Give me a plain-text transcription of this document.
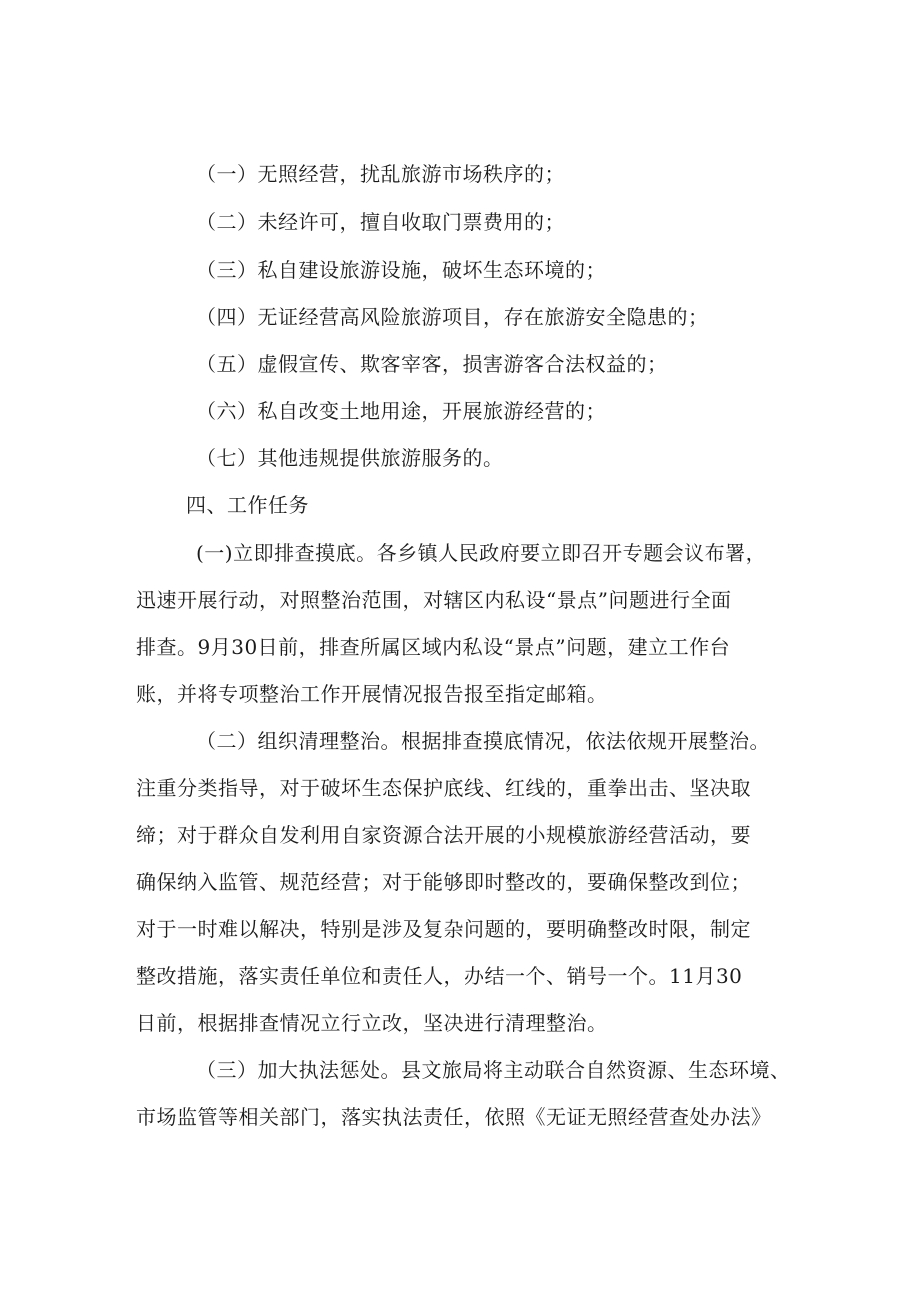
（一）无照经营，扰乱旅游市场秩序的；
（二）未经许可，擅自收取门票费用的；
（三）私自建设旅游设施，破坏生态环境的；
（四）无证经营高风险旅游项目，存在旅游安全隐患的；
（五）虚假宣传、欺客宰客，损害游客合法权益的；
（六）私自改变土地用途，开展旅游经营的；
（七）其他违规提供旅游服务的。
四、工作任务
(一)立即排查摸底。各乡镇人民政府要立即召开专题会议布署，
迅速开展行动，对照整治范围，对辖区内私设“景点”问题进行全面
排查。9月30日前，排查所属区域内私设“景点”问题，建立工作台
账，并将专项整治工作开展情况报告报至指定邮箱。
（二）组织清理整治。根据排查摸底情况，依法依规开展整治。
注重分类指导，对于破坏生态保护底线、红线的，重拳出击、坚决取
缔；对于群众自发利用自家资源合法开展的小规模旅游经营活动，要
确保纳入监管、规范经营；对于能够即时整改的，要确保整改到位；
对于一时难以解决，特别是涉及复杂问题的，要明确整改时限，制定
整改措施，落实责任单位和责任人，办结一个、销号一个。11月30
日前，根据排查情况立行立改，坚决进行清理整治。
（三）加大执法惩处。县文旅局将主动联合自然资源、生态环境、
市场监管等相关部门，落实执法责任，依照《无证无照经营查处办法》
